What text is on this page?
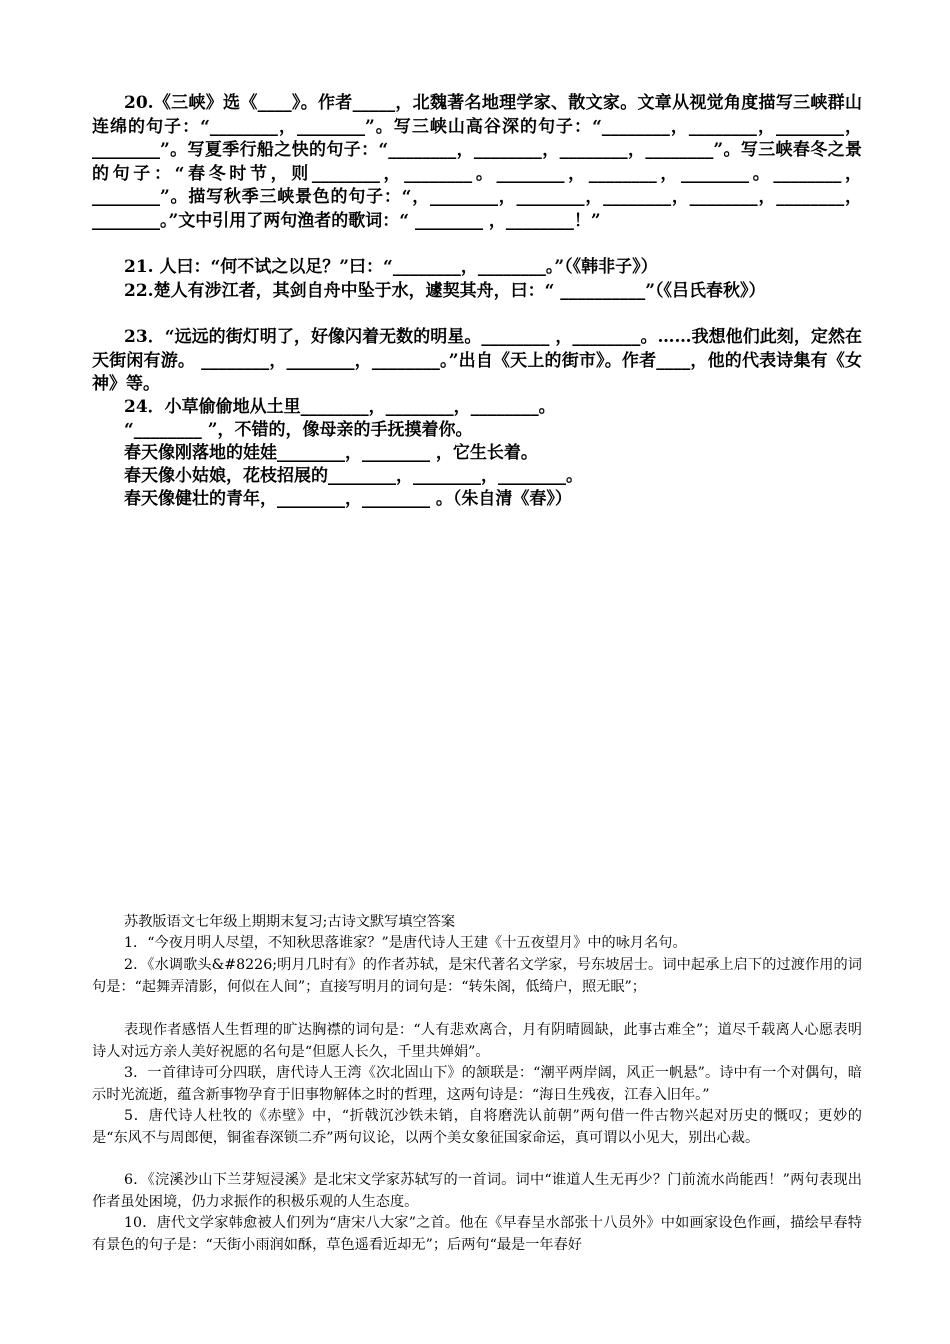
20.《三峡》选《____》。作者_____，北魏著名地理学家、散文家。文章从视觉角度描写三峡群山连绵的句子：“________，________”。写三峡山高谷深的句子：“________，________，________，________”。写夏季行船之快的句子：“________，________，________，________”。写三峡春冬之景的句子：“春冬时节，则________，________。________，________，________。________，________”。描写秋季三峡景色的句子：“，________，________，________，________，________，________。”文中引用了两句渔者的歌词：“ ________ ，________！”

21. 人曰：“何不试之以足？”曰：“________，________。”（《韩非子》）

22.楚人有涉江者，其剑自舟中坠于水，遽契其舟，曰：“ __________”（《吕氏春秋》）

23．“远远的街灯明了，好像闪着无数的明星。________ ，________。……我想他们此刻，定然在天街闲有游。 ________，________，________。”出自《天上的街市》。作者____，他的代表诗集有《女神》等。

24．小草偷偷地从土里________，________，________。

“________ ”，不错的，像母亲的手抚摸着你。

春天像刚落地的娃娃________，________ ，它生长着。

春天像小姑娘，花枝招展的________，________，________。

春天像健壮的青年，________，________ 。（朱自清《春》）

苏教版语文七年级上期期末复习;古诗文默写填空答案

1．“今夜月明人尽望，不知秋思落谁家？”是唐代诗人王建《十五夜望月》中的咏月名句。

2．《水调歌头&#8226;明月几时有》的作者苏轼，是宋代著名文学家，号东坡居士。词中起承上启下的过渡作用的词句是：“起舞弄清影，何似在人间”；直接写明月的词句是：“转朱阁，低绮户，照无眠”；

表现作者感悟人生哲理的旷达胸襟的词句是：“人有悲欢离合，月有阴晴圆缺，此事古难全”；道尽千载离人心愿表明诗人对远方亲人美好祝愿的名句是“但愿人长久，千里共婵娟”。

3．一首律诗可分四联，唐代诗人王湾《次北固山下》的颔联是：“潮平两岸阔，风正一帆悬”。诗中有一个对偶句，暗示时光流逝，蕴含新事物孕育于旧事物解体之时的哲理，这两句诗是：“海日生残夜，江春入旧年。”

5．唐代诗人杜牧的《赤壁》中，“折戟沉沙铁未销，自将磨洗认前朝”两句借一件古物兴起对历史的慨叹；更妙的是“东风不与周郎便，铜雀春深锁二乔”两句议论，以两个美女象征国家命运，真可谓以小见大，别出心裁。

6．《浣溪沙山下兰芽短浸溪》是北宋文学家苏轼写的一首词。词中“谁道人生无再少？门前流水尚能西！”两句表现出作者虽处困境，仍力求振作的积极乐观的人生态度。

10．唐代文学家韩愈被人们列为“唐宋八大家”之首。他在《早春呈水部张十八员外》中如画家设色作画，描绘早春特有景色的句子是：“天街小雨润如酥，草色遥看近却无”；后两句“最是一年春好
